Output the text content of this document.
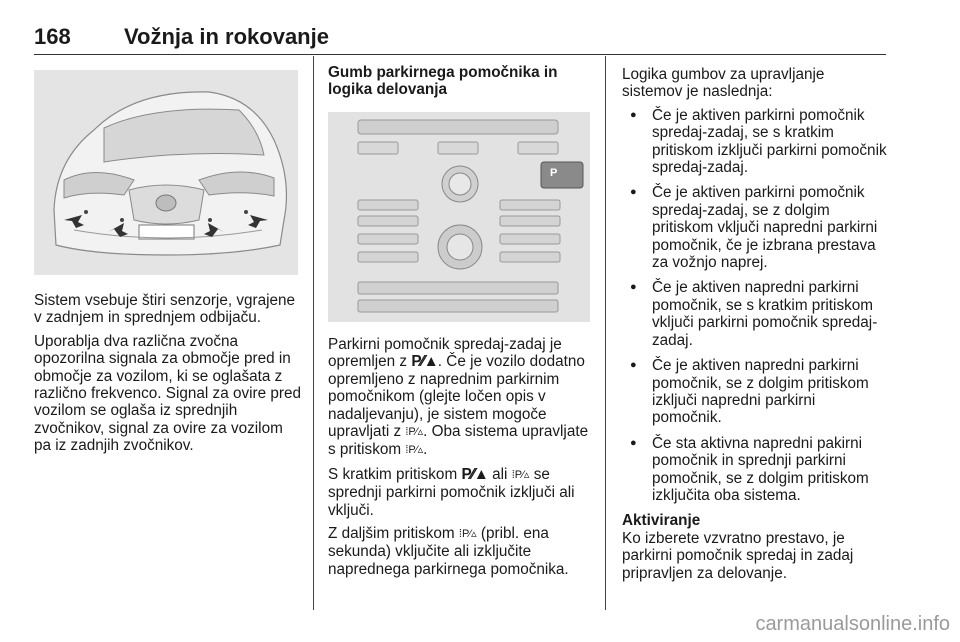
168 Vožnja in rokovanje

Sistem vsebuje štiri senzorje, vgrajene v zadnjem in sprednjem odbijaču.

Uporablja dva različna zvočna opozorilna signala za območje pred in območje za vozilom, ki se oglašata z različno frekvenco. Signal za ovire pred vozilom se oglaša iz sprednjih zvočnikov, signal za ovire za vozilom pa iz zadnjih zvočnikov.

Gumb parkirnega pomočnika in logika delovanja
P

Parkirni pomočnik spredaj-zadaj je opremljen z P⁄⁄▲. Če je vozilo dodatno opremljeno z naprednim parkirnim pomočnikom (glejte ločen opis v nadaljevanju), je sistem mogoče upravljati z ⁞P⁄▵. Oba sistema upravljate s pritiskom ⁞P⁄▵.

S kratkim pritiskom P⁄⁄▲ ali ⁞P⁄▵ se sprednji parkirni pomočnik izključi ali vključi.

Z daljšim pritiskom ⁞P⁄▵ (pribl. ena sekunda) vključite ali izključite naprednega parkirnega pomočnika.

Logika gumbov za upravljanje sistemov je naslednja:

● Če je aktiven parkirni pomočnik spredaj-zadaj, se s kratkim pritiskom izključi parkirni pomočnik spredaj-zadaj.
● Če je aktiven parkirni pomočnik spredaj-zadaj, se z dolgim pritiskom vključi napredni parkirni pomočnik, če je izbrana prestava za vožnjo naprej.
● Če je aktiven napredni parkirni pomočnik, se s kratkim pritiskom vključi parkirni pomočnik spredaj-zadaj.
● Če je aktiven napredni parkirni pomočnik, se z dolgim pritiskom izključi napredni parkirni pomočnik.
● Če sta aktivna napredni pakirni pomočnik in sprednji parkirni pomočnik, se z dolgim pritiskom izključita oba sistema.
Aktiviranje

Ko izberete vzvratno prestavo, je parkirni pomočnik spredaj in zadaj pripravljen za delovanje.

carmanualsonline.info
